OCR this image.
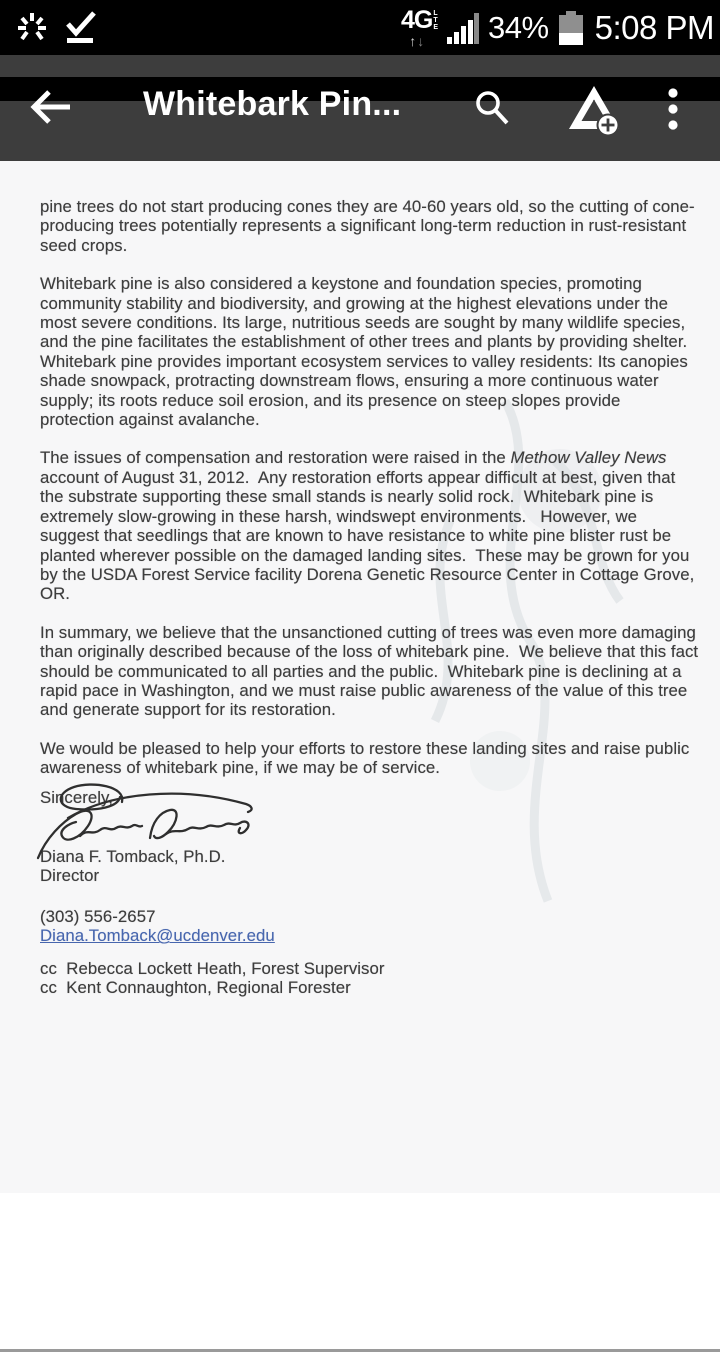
4G
↑ ↓
L
T
E 34% 5:08 PM
Whitebark Pin...
pine trees do not start producing cones they are 40-60 years old, so the cutting of cone-
producing trees potentially represents a significant long-term reduction in rust-resistant
seed crops.
Whitebark pine is also considered a keystone and foundation species, promoting
community stability and biodiversity, and growing at the highest elevations under the
most severe conditions. Its large, nutritious seeds are sought by many wildlife species,
and the pine facilitates the establishment of other trees and plants by providing shelter.
Whitebark pine provides important ecosystem services to valley residents: Its canopies
shade snowpack, protracting downstream flows, ensuring a more continuous water
supply; its roots reduce soil erosion, and its presence on steep slopes provide
protection against avalanche.
The issues of compensation and restoration were raised in the Methow Valley News
account of August 31, 2012.  Any restoration efforts appear difficult at best, given that
the substrate supporting these small stands is nearly solid rock.  Whitebark pine is
extremely slow-growing in these harsh, windswept environments.   However, we
suggest that seedlings that are known to have resistance to white pine blister rust be
planted wherever possible on the damaged landing sites.  These may be grown for you
by the USDA Forest Service facility Dorena Genetic Resource Center in Cottage Grove,
OR.
In summary, we believe that the unsanctioned cutting of trees was even more damaging
than originally described because of the loss of whitebark pine.  We believe that this fact
should be communicated to all parties and the public.  Whitebark pine is declining at a
rapid pace in Washington, and we must raise public awareness of the value of this tree
and generate support for its restoration.
We would be pleased to help your efforts to restore these landing sites and raise public
awareness of whitebark pine, if we may be of service.
Sincerely,
Diana F. Tomback, Ph.D.
Director
(303) 556-2657
Diana.Tomback@ucdenver.edu
cc  Rebecca Lockett Heath, Forest Supervisor
cc  Kent Connaughton, Regional Forester
